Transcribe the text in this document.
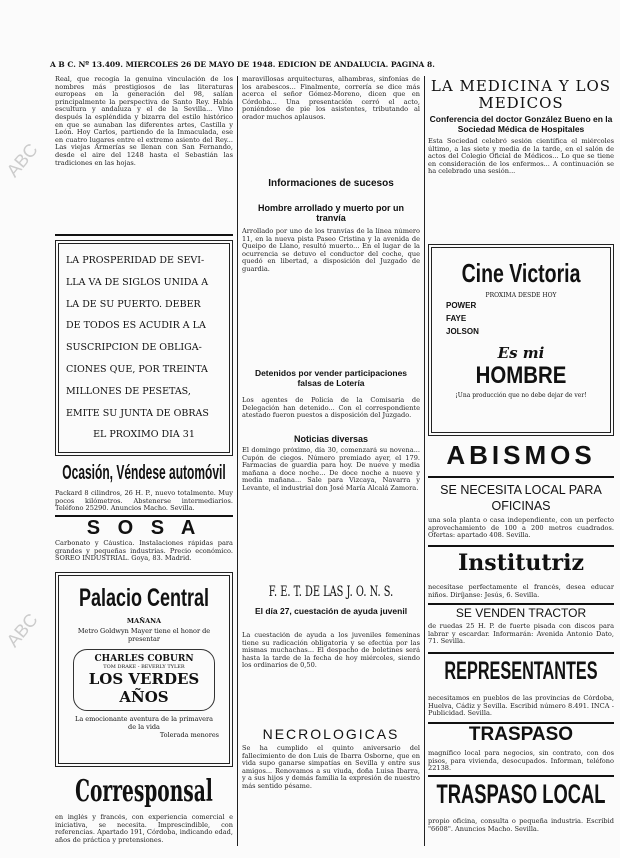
ABC
ABC
A B C. Nº 13.409. MIERCOLES 26 DE MAYO DE 1948. EDICION DE ANDALUCIA. PAGINA 8.
Real, que recogía la genuina vinculación de los nombres más prestigiosos de las literaturas europeas en la generación del 98, salían principalmente la perspectiva de Santo Rey. Había escultura y andaluza y el de la Sevilla... Vino después la espléndida y bizarra del estilo histórico en que se aunaban las diferentes artes, Castilla y León. Hoy Carlos, partiendo de la Inmaculada, ese en cuatro lugares entre el extremo asiento del Rey... Las viejas Armerías se llenan con San Fernando, desde el aire del 1248 hasta el Sebastián las tradiciones en las hojas.
LA PROSPERIDAD DE SEVI-
LLA VA DE SIGLOS UNIDA A
LA DE SU PUERTO. DEBER
DE TODOS ES ACUDIR A LA
SUSCRIPCION DE OBLIGA-
CIONES QUE, POR TREINTA
MILLONES DE PESETAS,
EMITE SU JUNTA DE OBRAS
EL PROXIMO DIA 31
Ocasión, Véndese automóvil
Packard 8 cilindros, 26 H. P., nuevo totalmente. Muy pocos kilómetros. Abstenerse intermediarios. Teléfono 25290. Anuncios Macho. Sevilla.
S O S A
Carbonato y Cáustica. Instalaciones rápidas para grandes y pequeñas industrias. Precio económico. SOREO INDUSTRIAL. Goya, 83. Madrid.
Palacio Central
MAÑANA
Metro Goldwyn Mayer tiene el honor de presentar
CHARLES COBURN
TOM DRAKE - BEVERLY TYLER
LOS VERDES AÑOS
La emocionante aventura de la primavera de la vida
Tolerada menores
Corresponsal
en inglés y francés, con experiencia comercial e iniciativa, se necesita. Imprescindible, con referencias. Apartado 191, Córdoba, indicando edad, años de práctica y pretensiones.
maravillosas arquitecturas, alhambras, sinfonías de los arabescos... Finalmente, correría se dice más acerca el señor Gómez-Moreno, dicen que en Córdoba... Una presentación cerró el acto, poniéndose de pie los asistentes, tributando al orador muchos aplausos.
Informaciones de sucesos
Hombre arrollado y muerto por un tranvía
Arrollado por uno de los tranvías de la línea número 11, en la nueva pista Paseo Cristina y la avenida de Queipo de Llano, resultó muerto... En el lugar de la ocurrencia se detuvo el conductor del coche, que quedó en libertad, a disposición del Juzgado de guardia.
Detenidos por vender participaciones falsas de Lotería
Los agentes de Policía de la Comisaría de Delegación han detenido... Con el correspondiente atestado fueron puestos a disposición del Juzgado.
Noticias diversas
El domingo próximo, día 30, comenzará su novena... Cupón de ciegos. Número premiado ayer, el 179. Farmacias de guardia para hoy. De nueve y media mañana a doce noche... De doce noche a nueve y media mañana... Sale para Vizcaya, Navarra y Levante, el industrial don José María Alcalá Zamora.
F. E. T. DE LAS J. O. N. S.
El día 27, cuestación de ayuda juvenil
La cuestación de ayuda a los juveniles femeninas tiene su radicación obligatoria y se efectúa por las mismas muchachas... El despacho de boletines será hasta la tarde de la fecha de hoy miércoles, siendo los ordinarios de 0,50.
NECROLOGICAS
Se ha cumplido el quinto aniversario del fallecimiento de don Luis de Ibarra Osborne, que en vida supo ganarse simpatías en Sevilla y entre sus amigos... Renovamos a su viuda, doña Luisa Ibarra, y a sus hijos y demás familia la expresión de nuestro más sentido pésame.
LA MEDICINA Y LOS MEDICOS
Conferencia del doctor González Bueno en la Sociedad Médica de Hospitales
Esta Sociedad celebró sesión científica el miércoles último, a las siete y media de la tarde, en el salón de actos del Colegio Oficial de Médicos... Lo que se tiene en consideración de los enfermos... A continuación se ha celebrado una sesión...
Cine Victoria
PROXIMA DESDE HOY
POWER
FAYE
JOLSON
Es mi
HOMBRE
¡Una producción que no debe dejar de ver!
ABISMOS
SE NECESITA LOCAL PARA OFICINAS
una sola planta o casa independiente, con un perfecto aprovechamiento de 100 a 200 metros cuadrados. Ofertas: apartado 408. Sevilla.
Institutriz
necesítase perfectamente el francés, desea educar niños. Diríjanse: Jesús, 6. Sevilla.
SE VENDEN TRACTOR
de ruedas 25 H. P. de fuerte pisada con discos para labrar y escardar. Informarán: Avenida Antonio Dato, 71. Sevilla.
REPRESENTANTES
necesitamos en pueblos de las provincias de Córdoba, Huelva, Cádiz y Sevilla. Escribid número 8.491. INCA - Publicidad. Sevilla.
TRASPASO
magnífico local para negocios, sin contrato, con dos pisos, para vivienda, desocupados. Informan, teléfono 22138.
TRASPASO LOCAL
propio oficina, consulta o pequeña industria. Escríbid "6608". Anuncios Macho. Sevilla.
